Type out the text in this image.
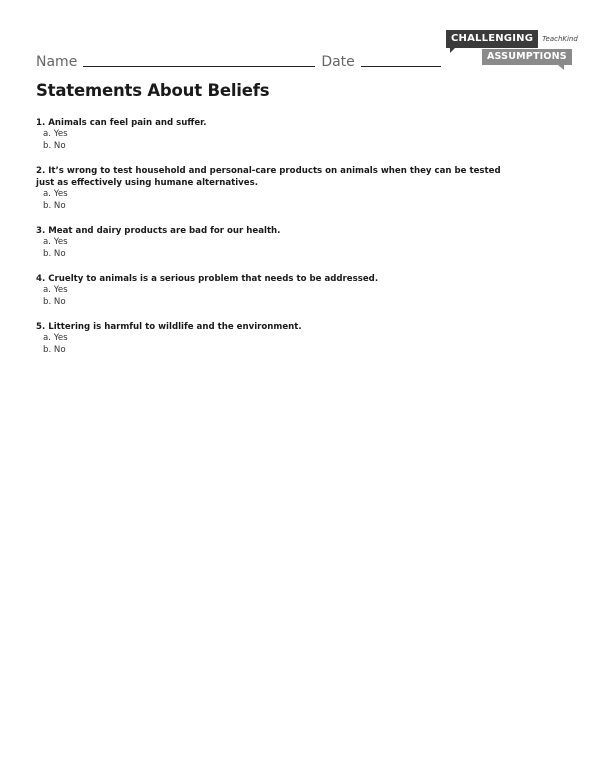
Name	Date
CHALLENGING	TeachKind
ASSUMPTIONS
Statements About Beliefs
1. Animals can feel pain and suffer.
a. Yes
b. No
2. It’s wrong to test household and personal-care products on animals when they can be tested just as effectively using humane alternatives.
a. Yes
b. No
3. Meat and dairy products are bad for our health.
a. Yes
b. No
4. Cruelty to animals is a serious problem that needs to be addressed.
a. Yes
b. No
5. Littering is harmful to wildlife and the environment.
a. Yes
b. No
